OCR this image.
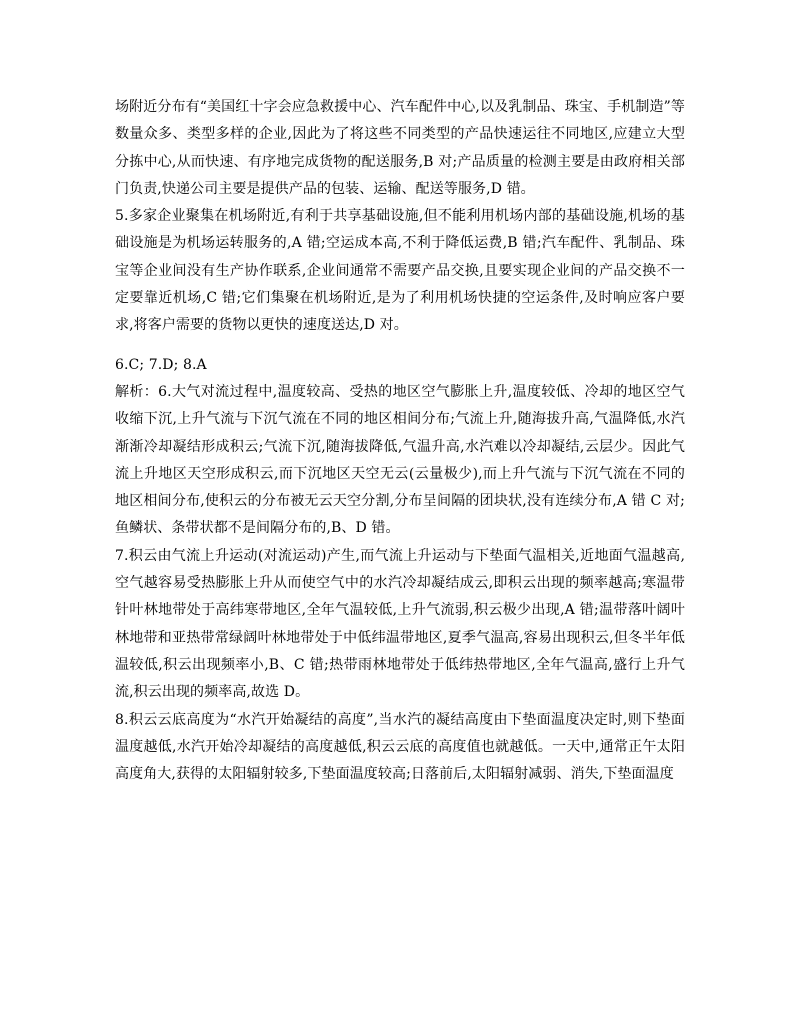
场附近分布有“美国红十字会应急救援中心、汽车配件中心,以及乳制品、珠宝、手机制造”等数量众多、类型多样的企业,因此为了将这些不同类型的产品快速运往不同地区,应建立大型分拣中心,从而快速、有序地完成货物的配送服务,B 对;产品质量的检测主要是由政府相关部门负责,快递公司主要是提供产品的包装、运输、配送等服务,D 错。

5.多家企业聚集在机场附近,有利于共享基础设施,但不能利用机场内部的基础设施,机场的基础设施是为机场运转服务的,A 错;空运成本高,不利于降低运费,B 错;汽车配件、乳制品、珠宝等企业间没有生产协作联系,企业间通常不需要产品交换,且要实现企业间的产品交换不一定要靠近机场,C 错;它们集聚在机场附近,是为了利用机场快捷的空运条件,及时响应客户要求,将客户需要的货物以更快的速度送达,D 对。

6.C; 7.D; 8.A

解析：6.大气对流过程中,温度较高、受热的地区空气膨胀上升,温度较低、冷却的地区空气收缩下沉,上升气流与下沉气流在不同的地区相间分布;气流上升,随海拔升高,气温降低,水汽渐渐冷却凝结形成积云;气流下沉,随海拔降低,气温升高,水汽难以冷却凝结,云层少。因此气流上升地区天空形成积云,而下沉地区天空无云(云量极少),而上升气流与下沉气流在不同的地区相间分布,使积云的分布被无云天空分割,分布呈间隔的团块状,没有连续分布,A 错 C 对;鱼鳞状、条带状都不是间隔分布的,B、D 错。

7.积云由气流上升运动(对流运动)产生,而气流上升运动与下垫面气温相关,近地面气温越高,空气越容易受热膨胀上升从而使空气中的水汽冷却凝结成云,即积云出现的频率越高;寒温带针叶林地带处于高纬寒带地区,全年气温较低,上升气流弱,积云极少出现,A 错;温带落叶阔叶林地带和亚热带常绿阔叶林地带处于中低纬温带地区,夏季气温高,容易出现积云,但冬半年低温较低,积云出现频率小,B、C 错;热带雨林地带处于低纬热带地区,全年气温高,盛行上升气流,积云出现的频率高,故选 D。

8.积云云底高度为“水汽开始凝结的高度”,当水汽的凝结高度由下垫面温度决定时,则下垫面温度越低,水汽开始冷却凝结的高度越低,积云云底的高度值也就越低。一天中,通常正午太阳高度角大,获得的太阳辐射较多,下垫面温度较高;日落前后,太阳辐射减弱、消失,下垫面温度
